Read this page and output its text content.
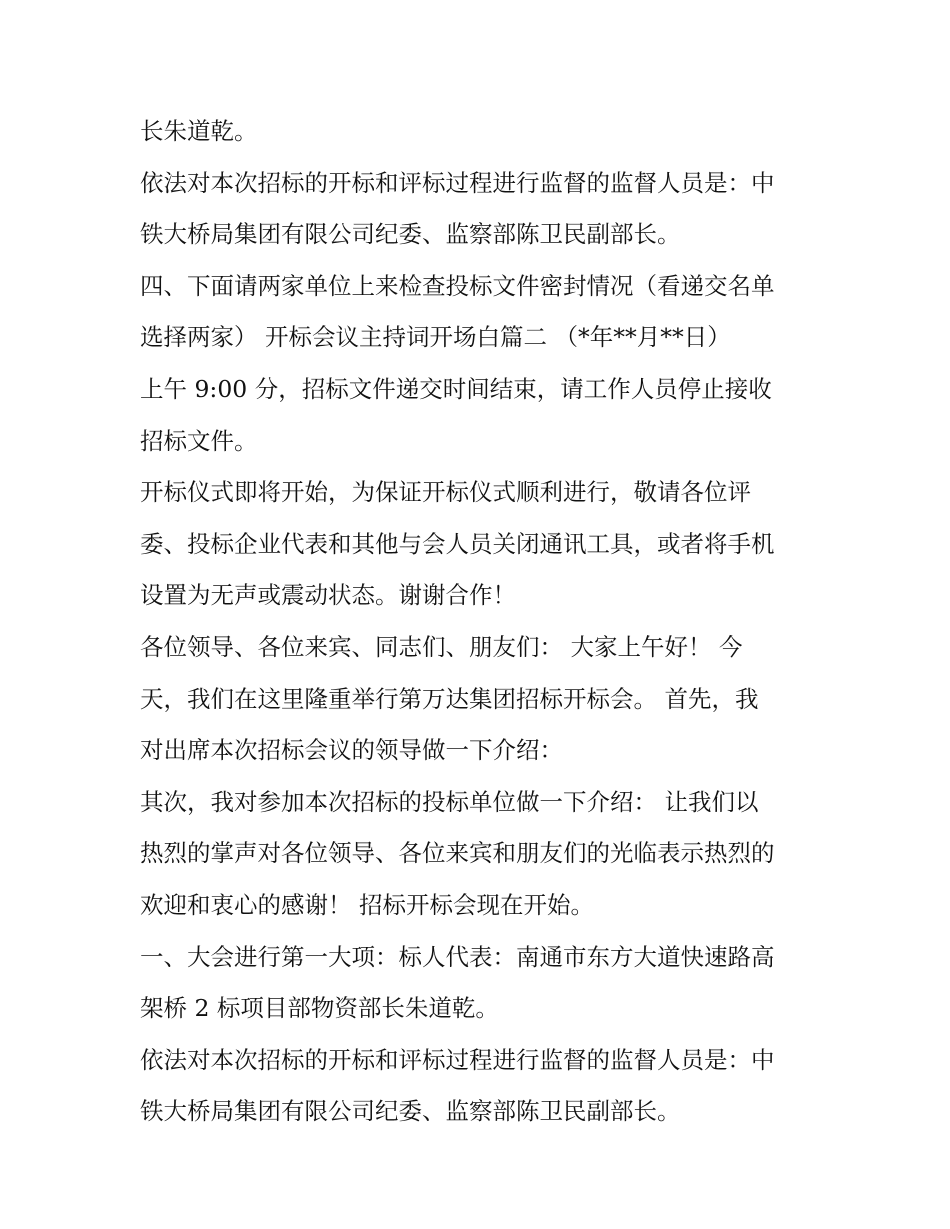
长朱道乾。
依法对本次招标的开标和评标过程进行监督的监督人员是：中
铁大桥局集团有限公司纪委、监察部陈卫民副部长。
四、下面请两家单位上来检查投标文件密封情况（看递交名单
选择两家） 开标会议主持词开场白篇二 （*年**月**日）
上午 9:00 分，招标文件递交时间结束，请工作人员停止接收
招标文件。
开标仪式即将开始，为保证开标仪式顺利进行，敬请各位评
委、投标企业代表和其他与会人员关闭通讯工具，或者将手机
设置为无声或震动状态。谢谢合作！
各位领导、各位来宾、同志们、朋友们： 大家上午好！ 今
天，我们在这里隆重举行第万达集团招标开标会。 首先，我
对出席本次招标会议的领导做一下介绍：
其次，我对参加本次招标的投标单位做一下介绍： 让我们以
热烈的掌声对各位领导、各位来宾和朋友们的光临表示热烈的
欢迎和衷心的感谢！ 招标开标会现在开始。
一、大会进行第一大项：标人代表：南通市东方大道快速路高
架桥 2 标项目部物资部长朱道乾。
依法对本次招标的开标和评标过程进行监督的监督人员是：中
铁大桥局集团有限公司纪委、监察部陈卫民副部长。
